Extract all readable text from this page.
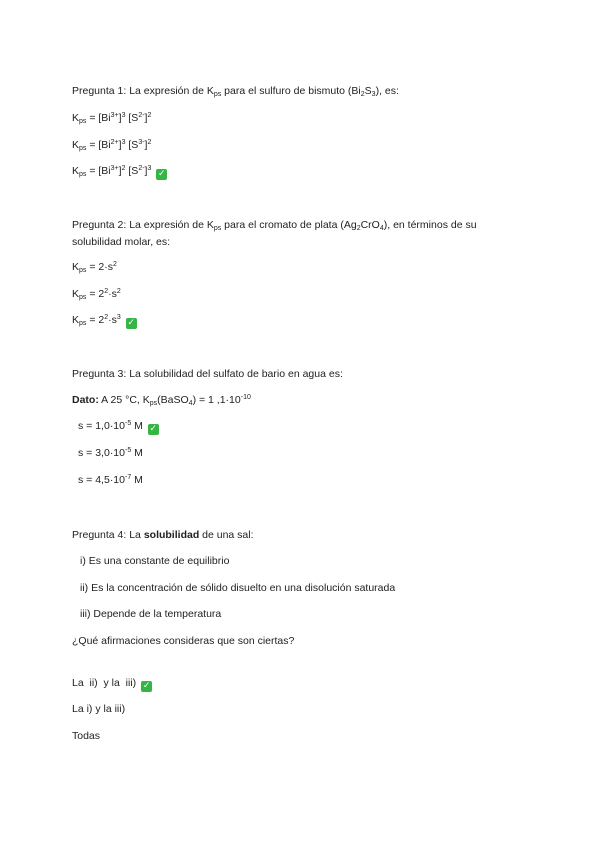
Pregunta 1: La expresión de $K_{ps}$ para el sulfuro de bismuto $(Bi_2S_3)$, es:
$K_{ps} = [Bi^{3+}]^3$ $[S^{2-}]^2$
$K_{ps} = [Bi^{2+}]^3$ $[S^{3-}]^2$
$K_{ps} = [Bi^{3+}]^2$ $[S^{2-}]^3$ ✓
Pregunta 2: La expresión de $K_{ps}$ para el cromato de plata $(Ag_2CrO_4)$, en términos de su
solubilidad molar, es:
$K_{ps} = 2\cdot s^2$
$K_{ps} = 2^2\cdot s^2$
$K_{ps} = 2^2\cdot s^3$ ✓
Pregunta 3: La solubilidad del sulfato de bario en agua es:
Dato: A 25 °C, $K_{ps}(BaSO_4) = 1$ $,1\cdot 10^{-10}$
$s = 1,0\cdot 10^{-5}$ M ✓
$s = 3,0\cdot 10^{-5}$ M
$s = 4,5\cdot 10^{-7}$ M
Pregunta 4: La solubilidad de una sal:
i) Es una constante de equilibrio
ii) Es la concentración de sólido disuelto en una disolución saturada
iii) Depende de la temperatura
¿Qué afirmaciones consideras que son ciertas?
La  ii)  y la  iii) ✓
La i) y la iii)
Todas
